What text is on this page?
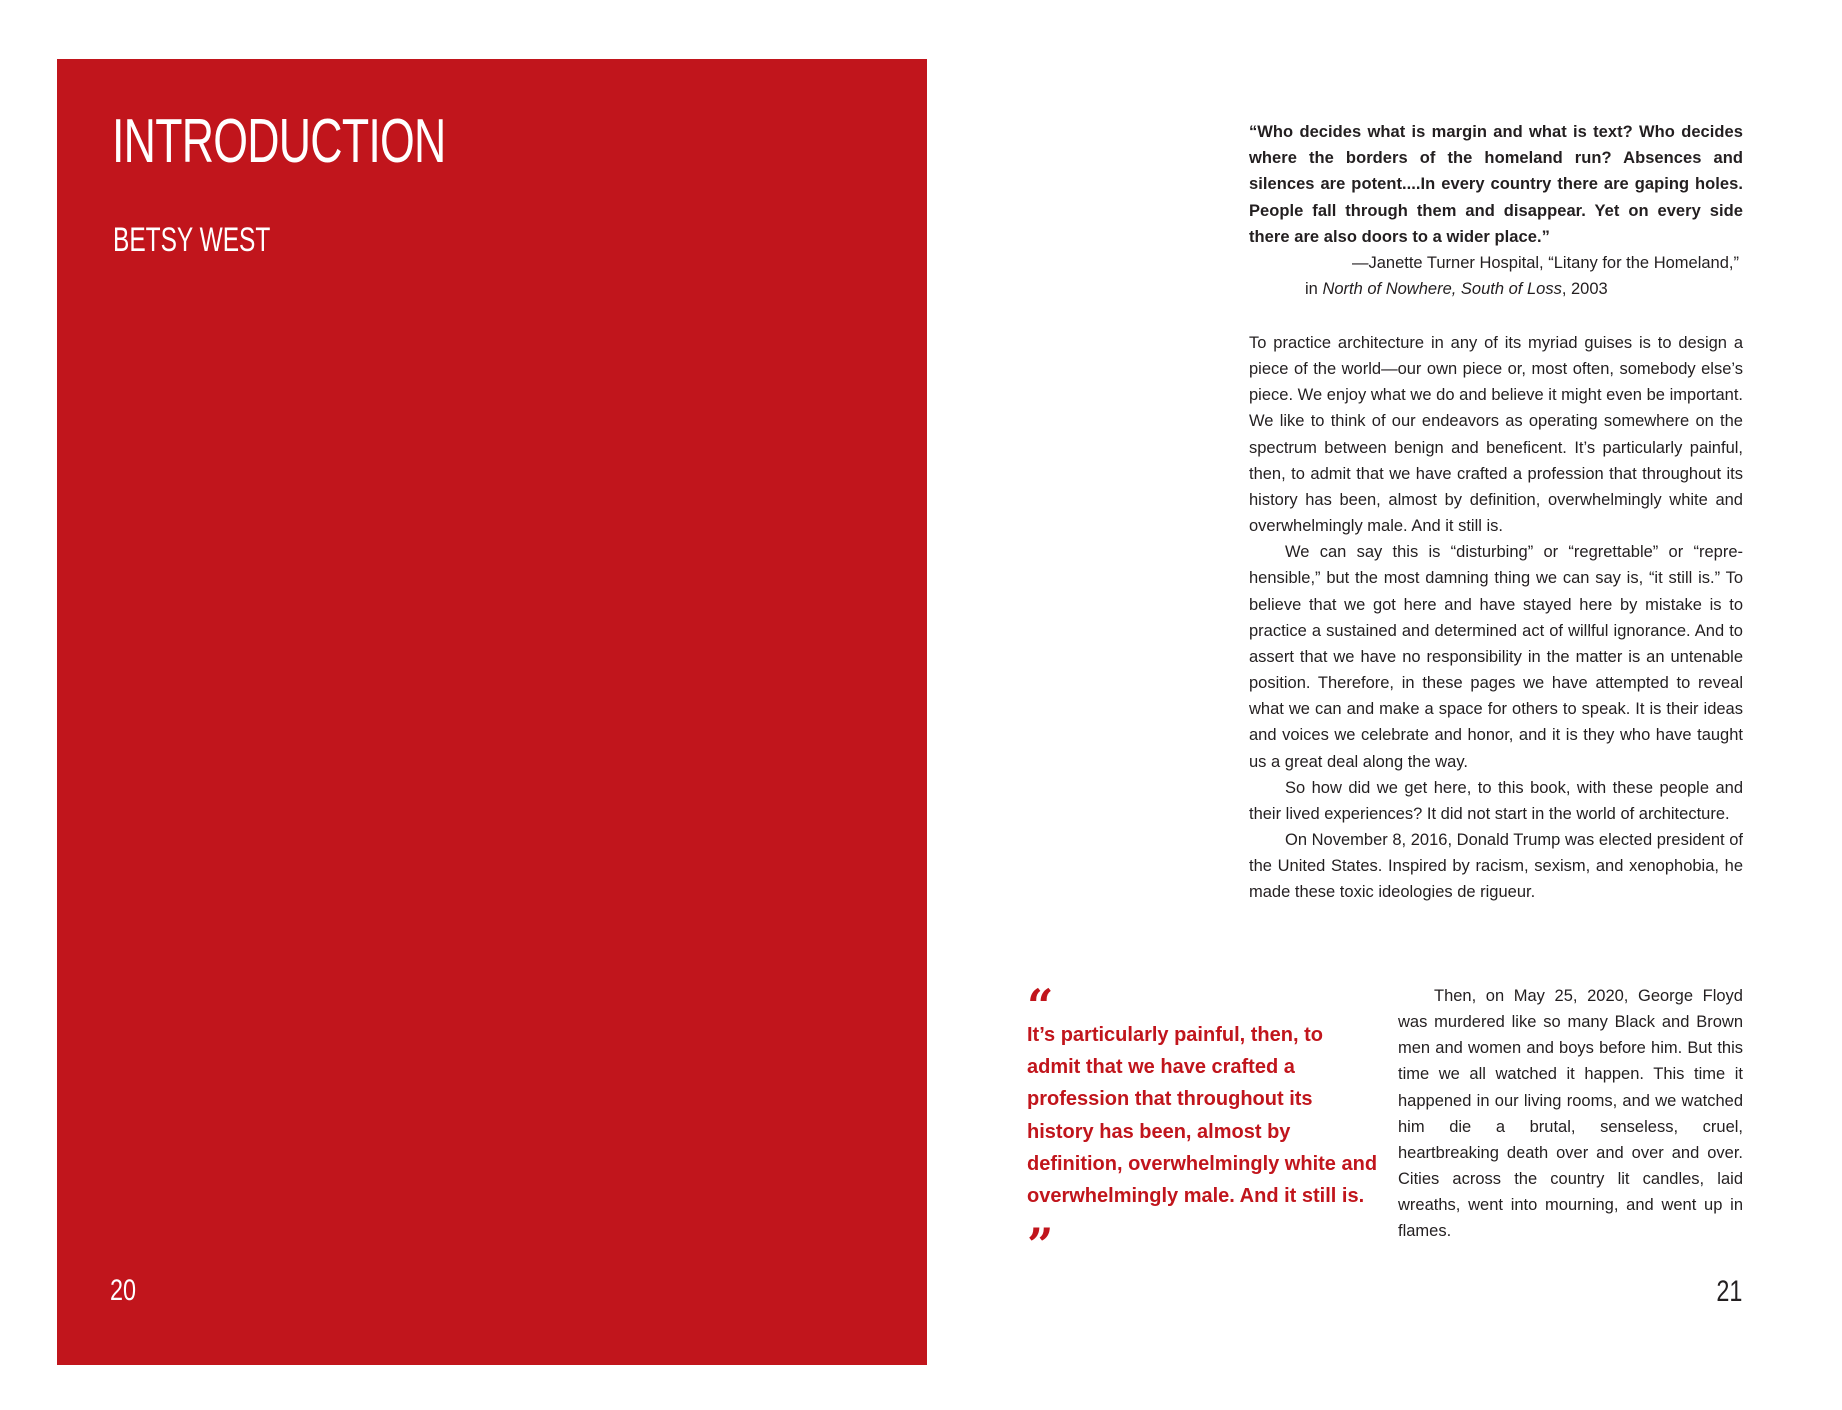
INTRODUCTION
BETSY WEST
20

“Who decides what is margin and what is text? Who decides where the borders of the homeland run? Absences and silences are potent....In every country there are gaping holes. People fall through them and disappear. Yet on every side there are also doors to a wider place.”

—Janette Turner Hospital, “Litany for the Homeland,”

in North of Nowhere, South of Loss, 2003

To practice architecture in any of its myriad guises is to design a piece of the world—our own piece or, most often, somebody else’s piece. We enjoy what we do and believe it might even be important. We like to think of our endeavors as operating somewhere on the spectrum between benign and beneficent. It’s particularly painful, then, to admit that we have crafted a profession that throughout its history has been, almost by definition, overwhelmingly white and overwhelmingly male. And it still is.

We can say this is “disturbing” or “regrettable” or “reprehensible,” but the most damning thing we can say is, “it still is.” To believe that we got here and have stayed here by mistake is to practice a sustained and determined act of willful ignorance. And to assert that we have no responsibility in the matter is an untenable position. Therefore, in these pages we have attempted to reveal what we can and make a space for others to speak. It is their ideas and voices we celebrate and honor, and it is they who have taught us a great deal along the way.

So how did we get here, to this book, with these people and their lived experiences? It did not start in the world of architecture.

On November 8, 2016, Donald Trump was elected president of the United States. Inspired by racism, sexism, and xenophobia, he made these toxic ideologies de rigueur.

“

It’s particularly painful, then, to admit that we have crafted a profession that throughout its history has been, almost by definition, overwhelmingly white and overwhelmingly male. And it still is.

”

Then, on May 25, 2020, George Floyd was murdered like so many Black and Brown men and women and boys before him. But this time we all watched it happen. This time it happened in our living rooms, and we watched him die a brutal, senseless, cruel, heartbreaking death over and over and over. Cities across the country lit candles, laid wreaths, went into mourning, and went up in flames.

21
